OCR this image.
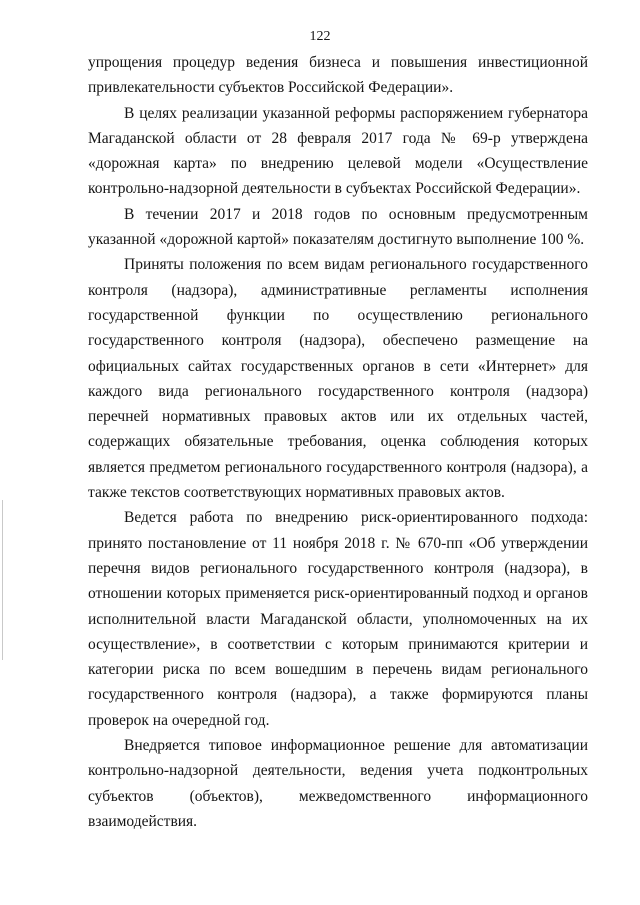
122

упрощения процедур ведения бизнеса и повышения инвестиционной привлекательности субъектов Российской Федерации».

В целях реализации указанной реформы распоряжением губернатора Магаданской области от 28 февраля 2017 года № 69-р утверждена «дорожная карта» по внедрению целевой модели «Осуществление контрольно-надзорной деятельности в субъектах Российской Федерации».

В течении 2017 и 2018 годов по основным предусмотренным указанной «дорожной картой» показателям достигнуто выполнение 100 %.

Приняты положения по всем видам регионального государственного контроля (надзора), административные регламенты исполнения государственной функции по осуществлению регионального государственного контроля (надзора), обеспечено размещение на официальных сайтах государственных органов в сети «Интернет» для каждого вида регионального государственного контроля (надзора) перечней нормативных правовых актов или их отдельных частей, содержащих обязательные требования, оценка соблюдения которых является предметом регионального государственного контроля (надзора), а также текстов соответствующих нормативных правовых актов.

Ведется работа по внедрению риск-ориентированного подхода: принято постановление от 11 ноября 2018 г. № 670-пп «Об утверждении перечня видов регионального государственного контроля (надзора), в отношении которых применяется риск-ориентированный подход и органов исполнительной власти Магаданской области, уполномоченных на их осуществление», в соответствии с которым принимаются критерии и категории риска по всем вошедшим в перечень видам регионального государственного контроля (надзора), а также формируются планы проверок на очередной год.

Внедряется типовое информационное решение для автоматизации контрольно-надзорной деятельности, ведения учета подконтрольных субъектов (объектов), межведомственного информационного взаимодействия.
